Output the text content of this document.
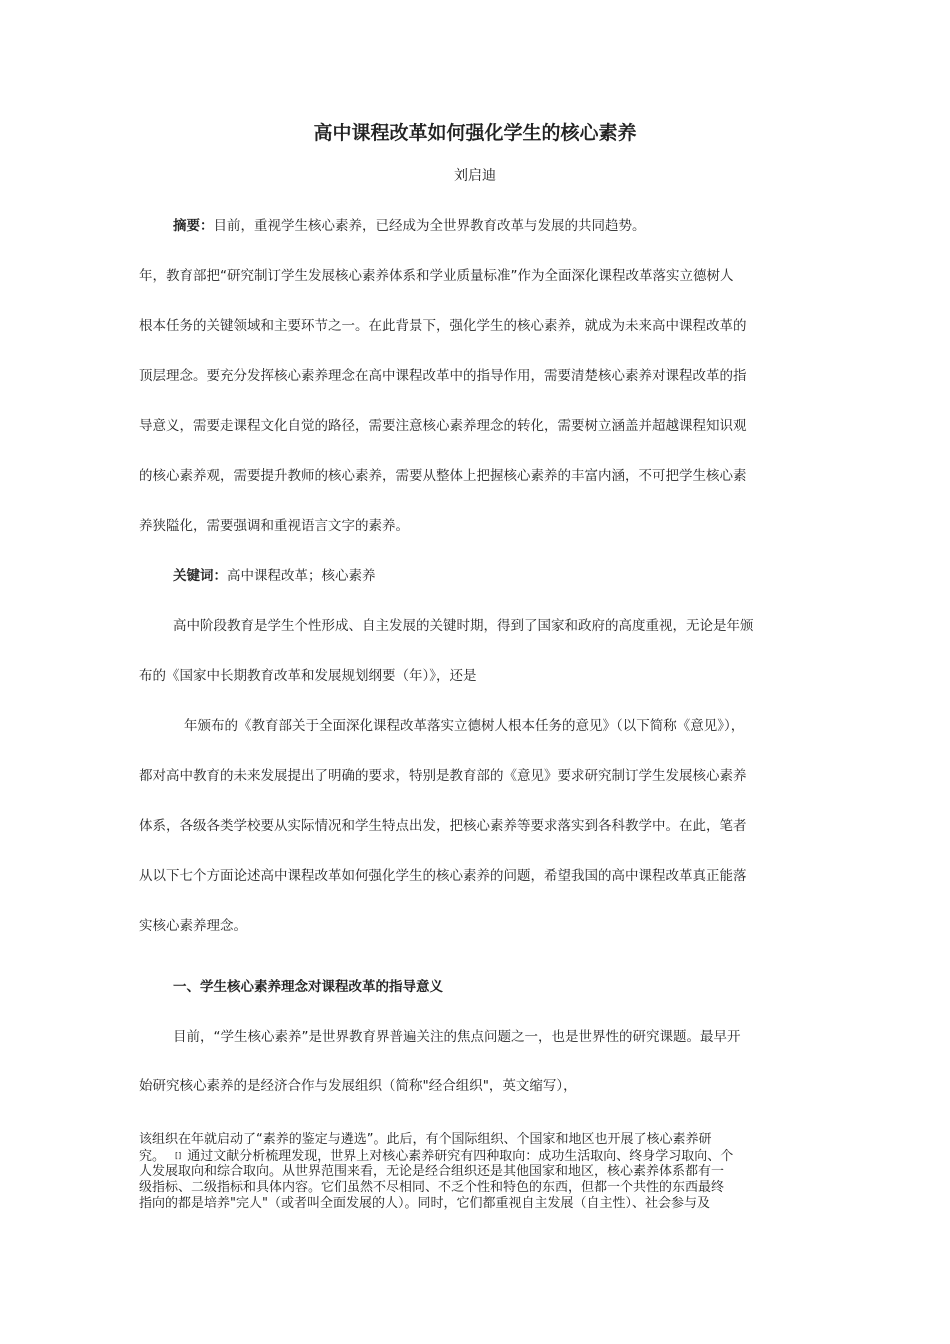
高中课程改革如何强化学生的核心素养
刘启迪
摘要：目前，重视学生核心素养，已经成为全世界教育改革与发展的共同趋势。
年，教育部把“研究制订学生发展核心素养体系和学业质量标准”作为全面深化课程改革落实立德树人
根本任务的关键领域和主要环节之一。在此背景下，强化学生的核心素养，就成为未来高中课程改革的
顶层理念。要充分发挥核心素养理念在高中课程改革中的指导作用，需要清楚核心素养对课程改革的指
导意义，需要走课程文化自觉的路径，需要注意核心素养理念的转化，需要树立涵盖并超越课程知识观
的核心素养观，需要提升教师的核心素养，需要从整体上把握核心素养的丰富内涵，不可把学生核心素
养狭隘化，需要强调和重视语言文字的素养。
关键词：高中课程改革；核心素养
高中阶段教育是学生个性形成、自主发展的关键时期，得到了国家和政府的高度重视，无论是年颁
布的《国家中长期教育改革和发展规划纲要（年）》，还是
年颁布的《教育部关于全面深化课程改革落实立德树人根本任务的意见》（以下简称《意见》），
都对高中教育的未来发展提出了明确的要求，特别是教育部的《意见》要求研究制订学生发展核心素养
体系，各级各类学校要从实际情况和学生特点出发，把核心素养等要求落实到各科教学中。在此，笔者
从以下七个方面论述高中课程改革如何强化学生的核心素养的问题，希望我国的高中课程改革真正能落
实核心素养理念。
一、学生核心素养理念对课程改革的指导意义
目前，“学生核心素养”是世界教育界普遍关注的焦点问题之一，也是世界性的研究课题。最早开
始研究核心素养的是经济合作与发展组织（简称"经合组织"，英文缩写），
该组织在年就启动了“素养的鉴定与遴选”。此后，有个国际组织、个国家和地区也开展了核心素养研
究。 [] 通过文献分析梳理发现，世界上对核心素养研究有四种取向：成功生活取向、终身学习取向、个
人发展取向和综合取向。从世界范围来看，无论是经合组织还是其他国家和地区，核心素养体系都有一
级指标、二级指标和具体内容。它们虽然不尽相同、不乏个性和特色的东西，但都一个共性的东西最终
指向的都是培养"完人"（或者叫全面发展的人）。同时，它们都重视自主发展（自主性）、社会参与及
